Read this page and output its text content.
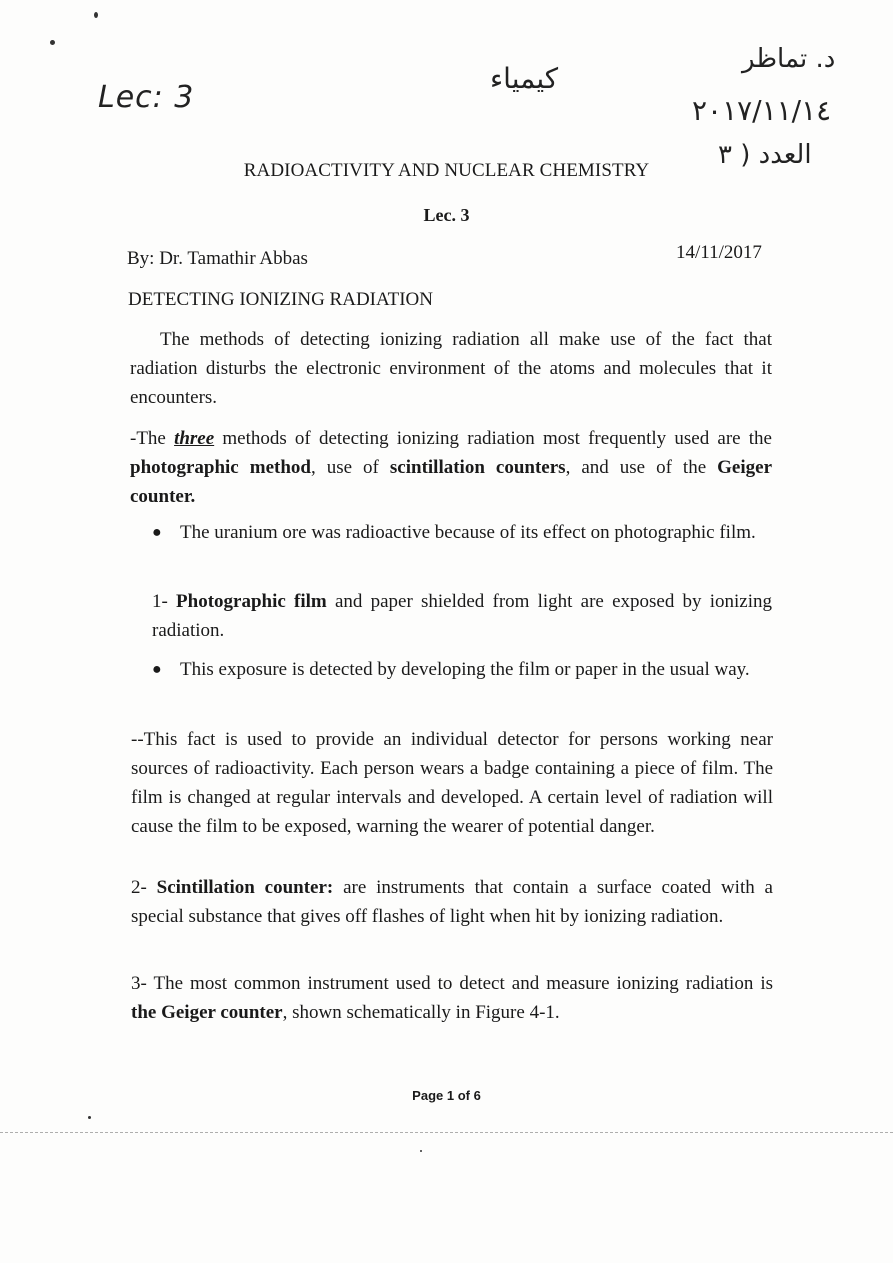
Lec: 3
كيمياء
د. تماظر
٢٠١٧/١١/١٤
العدد ( ٣
RADIOACTIVITY AND NUCLEAR CHEMISTRY
Lec. 3
By: Dr. Tamathir Abbas	14/11/2017
DETECTING IONIZING RADIATION

The methods of detecting ionizing radiation all make use of the fact that radiation disturbs the electronic environment of the atoms and molecules that it encounters.

-The three methods of detecting ionizing radiation most frequently used are the photographic method, use of scintillation counters, and use of the Geiger counter.

● The uranium ore was radioactive because of its effect on photographic film.

1- Photographic film and paper shielded from light are exposed by ionizing radiation.

● This exposure is detected by developing the film or paper in the usual way.

--This fact is used to provide an individual detector for persons working near sources of radioactivity. Each person wears a badge containing a piece of film. The film is changed at regular intervals and developed. A certain level of radiation will cause the film to be exposed, warning the wearer of potential danger.

2- Scintillation counter: are instruments that contain a surface coated with a special substance that gives off flashes of light when hit by ionizing radiation.

3- The most common instrument used to detect and measure ionizing radiation is the Geiger counter, shown schematically in Figure 4-1.

Page 1 of 6
